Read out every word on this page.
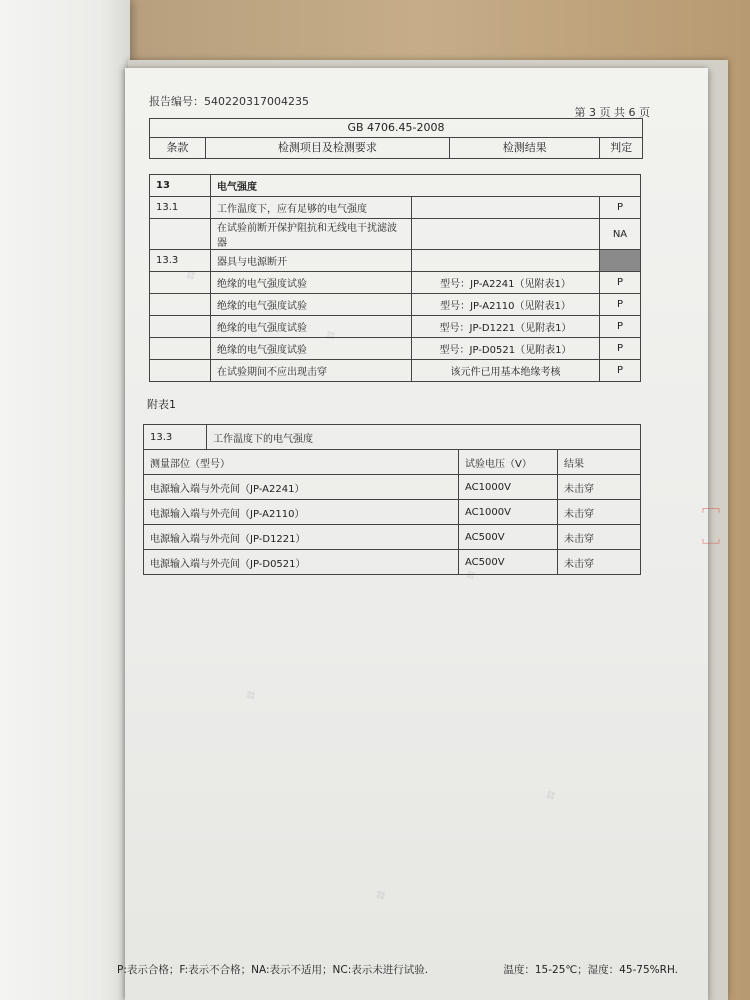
❖
❖
❖
❖
❖
❖
报告编号：540220317004235
第 3 页 共 6 页
GB 4706.45-2008
条款	检测项目及检测要求	检测结果	判定
13	电气强度		
13.1	工作温度下，应有足够的电气强度		P
	在试验前断开保护阻抗和无线电干扰滤波器		NA
13.3	器具与电源断开		
	绝缘的电气强度试验	型号：JP-A2241（见附表1）	P
	绝缘的电气强度试验	型号：JP-A2110（见附表1）	P
	绝缘的电气强度试验	型号：JP-D1221（见附表1）	P
	绝缘的电气强度试验	型号：JP-D0521（见附表1）	P
	在试验期间不应出现击穿	该元件已用基本绝缘考核	P
附表1
13.3	工作温度下的电气强度		
测量部位（型号）		试验电压（V）	结果
电源输入端与外壳间（JP-A2241）		AC1000V	未击穿
电源输入端与外壳间（JP-A2110）		AC1000V	未击穿
电源输入端与外壳间（JP-D1221）		AC500V	未击穿
电源输入端与外壳间（JP-D0521）		AC500V	未击穿
P:表示合格；F:表示不合格；NA:表示不适用；NC:表示未进行试验.	温度：15-25℃；湿度：45-75%RH.
﹇ ﹈
